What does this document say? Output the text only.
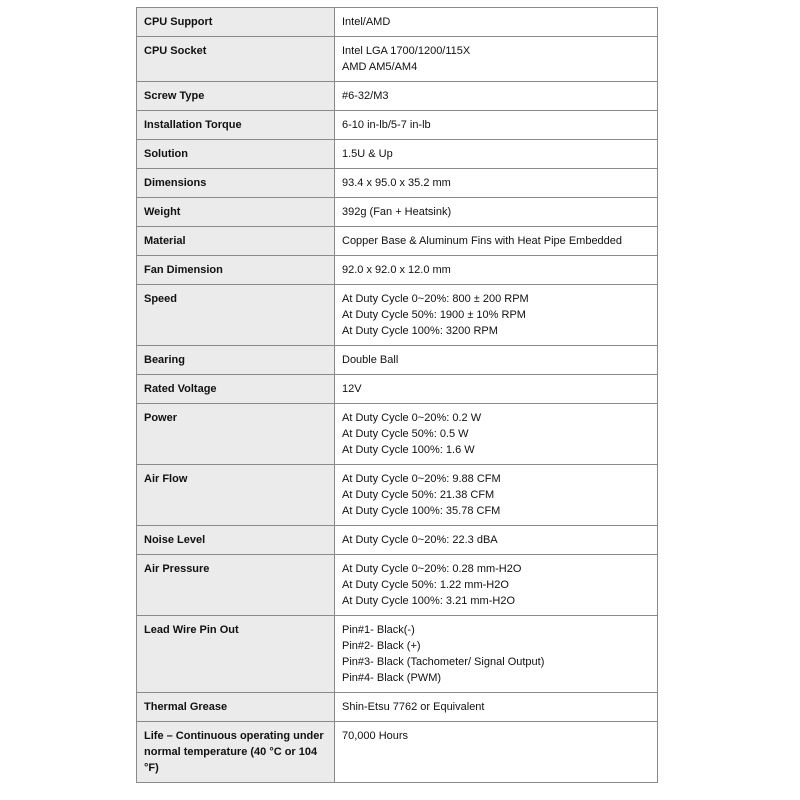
CPU Support	Intel/AMD

CPU Socket	Intel LGA 1700/1200/115X
AMD AM5/AM4

Screw Type	#6-32/M3

Installation Torque	6-10 in-lb/5-7 in-lb

Solution	1.5U & Up

Dimensions	93.4 x 95.0 x 35.2 mm

Weight	392g (Fan + Heatsink)

Material	Copper Base & Aluminum Fins with Heat Pipe Embedded

Fan Dimension	92.0 x 92.0 x 12.0 mm

Speed	At Duty Cycle 0~20%: 800 ± 200 RPM
At Duty Cycle 50%: 1900 ± 10% RPM
At Duty Cycle 100%: 3200 RPM

Bearing	Double Ball

Rated Voltage	12V

Power	At Duty Cycle 0~20%: 0.2 W
At Duty Cycle 50%: 0.5 W
At Duty Cycle 100%: 1.6 W

Air Flow	At Duty Cycle 0~20%: 9.88 CFM
At Duty Cycle 50%: 21.38 CFM
At Duty Cycle 100%: 35.78 CFM

Noise Level	At Duty Cycle 0~20%: 22.3 dBA

Air Pressure	At Duty Cycle 0~20%: 0.28 mm-H2O
At Duty Cycle 50%: 1.22 mm-H2O
At Duty Cycle 100%: 3.21 mm-H2O

Lead Wire Pin Out	Pin#1- Black(-)
Pin#2- Black (+)
Pin#3- Black (Tachometer/ Signal Output)
Pin#4- Black (PWM)

Thermal Grease	Shin-Etsu 7762 or Equivalent

Life – Continuous operating under normal temperature (40 °C or 104 °F)	70,000 Hours
